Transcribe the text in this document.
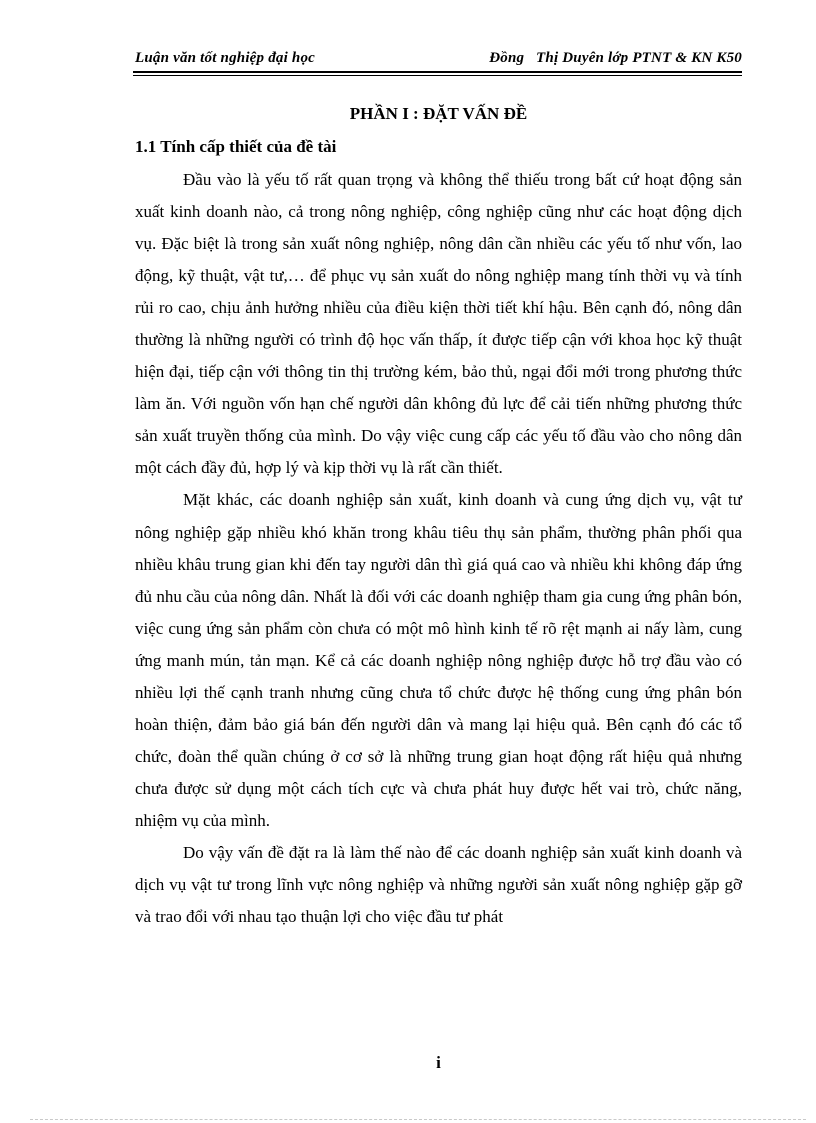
Luận văn tốt nghiệp đại học	Đồng   Thị Duyên lớp PTNT & KN K50
PHẦN I : ĐẶT VẤN ĐỀ
1.1 Tính cấp thiết của đề tài

Đầu vào là yếu tố rất quan trọng và không thể thiếu trong bất cứ hoạt động sản xuất kinh doanh nào, cả trong nông nghiệp, công nghiệp cũng như các hoạt động dịch vụ. Đặc biệt là trong sản xuất nông nghiệp, nông dân cần nhiều các yếu tố như vốn, lao động, kỹ thuật, vật tư,… để phục vụ sản xuất do nông nghiệp mang tính thời vụ và tính rủi ro cao, chịu ảnh hưởng nhiều của điều kiện thời tiết khí hậu. Bên cạnh đó, nông dân thường là những người có trình độ học vấn thấp, ít được tiếp cận với khoa học kỹ thuật hiện đại, tiếp cận với thông tin thị trường kém, bảo thủ, ngại đổi mới trong phương thức làm ăn. Với nguồn vốn hạn chế người dân không đủ lực để cải tiến những phương thức sản xuất truyền thống của mình. Do vậy việc cung cấp các yếu tố đầu vào cho nông dân một cách đầy đủ, hợp lý và kịp thời vụ là rất cần thiết.

Mặt khác, các doanh nghiệp sản xuất, kinh doanh và cung ứng dịch vụ, vật tư nông nghiệp gặp nhiều khó khăn trong khâu tiêu thụ sản phẩm, thường phân phối qua nhiều khâu trung gian khi đến tay người dân thì giá quá cao và nhiều khi không đáp ứng đủ nhu cầu của nông dân. Nhất là đối với các doanh nghiệp tham gia cung ứng phân bón, việc cung ứng sản phẩm còn chưa có một mô hình kinh tế rõ rệt mạnh ai nấy làm, cung ứng manh mún, tản mạn. Kể cả các doanh nghiệp nông nghiệp được hỗ trợ đầu vào có nhiều lợi thế cạnh tranh nhưng cũng chưa tổ chức được hệ thống cung ứng phân bón hoàn thiện, đảm bảo giá bán đến người dân và mang lại hiệu quả. Bên cạnh đó các tổ chức, đoàn thể quần chúng ở cơ sở là những trung gian hoạt động rất hiệu quả nhưng chưa được sử dụng một cách tích cực và chưa phát huy được hết vai trò, chức năng, nhiệm vụ của mình.

Do vậy vấn đề đặt ra là làm thế nào để các doanh nghiệp sản xuất kinh doanh và dịch vụ vật tư trong lĩnh vực nông nghiệp và những người sản xuất nông nghiệp gặp gỡ và trao đổi với nhau tạo thuận lợi cho việc đầu tư phát

i
